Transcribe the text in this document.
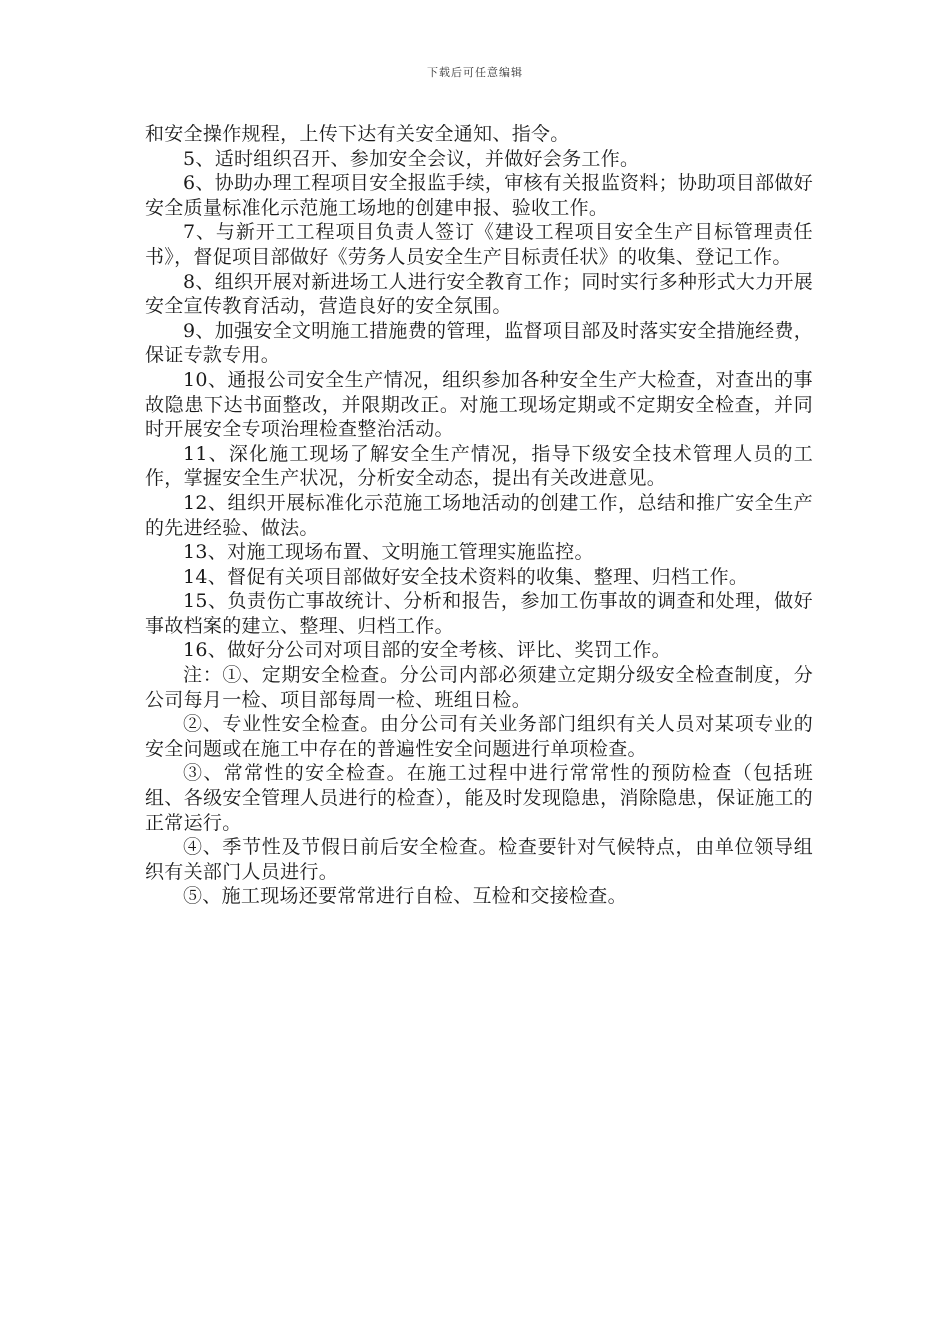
下载后可任意编辑

和安全操作规程，上传下达有关安全通知、指令。

5、适时组织召开、参加安全会议，并做好会务工作。

6、协助办理工程项目安全报监手续，审核有关报监资料；协助项目部做好安全质量标准化示范施工场地的创建申报、验收工作。

7、与新开工工程项目负责人签订《建设工程项目安全生产目标管理责任书》，督促项目部做好《劳务人员安全生产目标责任状》的收集、登记工作。

8、组织开展对新进场工人进行安全教育工作；同时实行多种形式大力开展安全宣传教育活动，营造良好的安全氛围。

9、加强安全文明施工措施费的管理，监督项目部及时落实安全措施经费，保证专款专用。

10、通报公司安全生产情况，组织参加各种安全生产大检查，对查出的事故隐患下达书面整改，并限期改正。对施工现场定期或不定期安全检查，并同时开展安全专项治理检查整治活动。

11、深化施工现场了解安全生产情况，指导下级安全技术管理人员的工作，掌握安全生产状况，分析安全动态，提出有关改进意见。

12、组织开展标准化示范施工场地活动的创建工作，总结和推广安全生产的先进经验、做法。

13、对施工现场布置、文明施工管理实施监控。

14、督促有关项目部做好安全技术资料的收集、整理、归档工作。

15、负责伤亡事故统计、分析和报告，参加工伤事故的调查和处理，做好事故档案的建立、整理、归档工作。

16、做好分公司对项目部的安全考核、评比、奖罚工作。

注：①、定期安全检查。分公司内部必须建立定期分级安全检查制度，分公司每月一检、项目部每周一检、班组日检。

②、专业性安全检查。由分公司有关业务部门组织有关人员对某项专业的安全问题或在施工中存在的普遍性安全问题进行单项检查。

③、常常性的安全检查。在施工过程中进行常常性的预防检查（包括班组、各级安全管理人员进行的检查），能及时发现隐患，消除隐患，保证施工的正常运行。

④、季节性及节假日前后安全检查。检查要针对气候特点，由单位领导组织有关部门人员进行。

⑤、施工现场还要常常进行自检、互检和交接检查。
